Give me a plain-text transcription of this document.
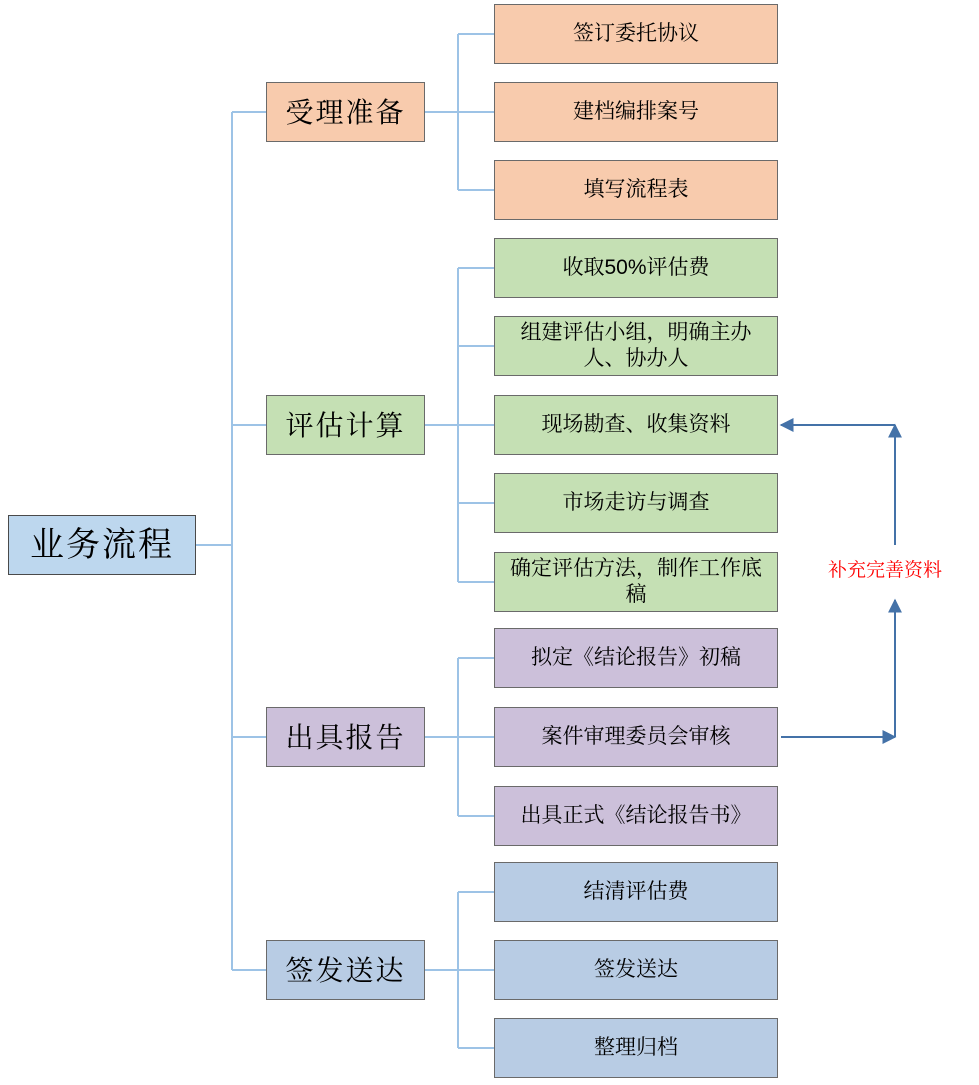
业务流程
受理准备
签订委托协议
建档编排案号
填写流程表
评估计算
收取50%评估费
组建评估小组，明确主办人、协办人
现场勘查、收集资料
市场走访与调查
确定评估方法，制作工作底稿
出具报告
拟定《结论报告》初稿
案件审理委员会审核
出具正式《结论报告书》
签发送达
结清评估费
签发送达
整理归档
补充完善资料
